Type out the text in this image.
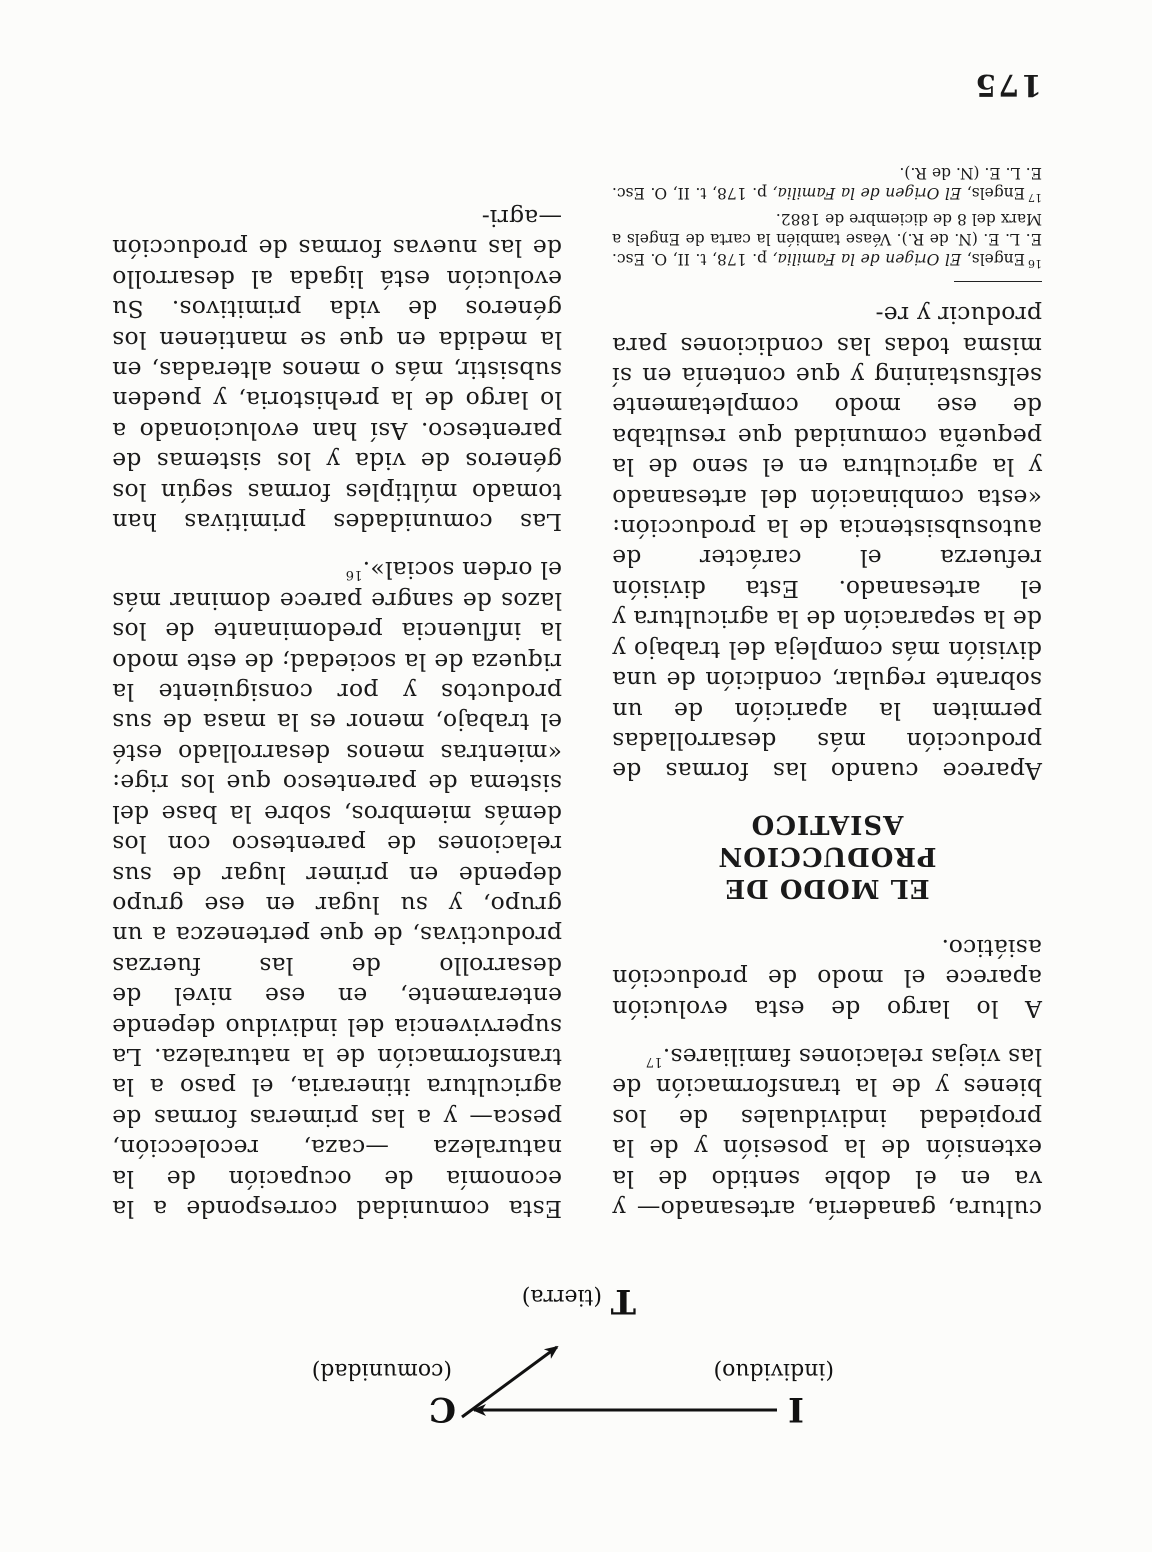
I
(individuo)
C
(comunidad)
T
(tierra)

cultura, ganadería, artesanado— y va en el doble sentido de la extensión de la posesión y de la propiedad individuales de los bienes y de la transformación de las viejas relaciones familiares.$^{17}$

A lo largo de esta evolución aparece el modo de producción asiático.

EL MODO DE PRODUCCION
ASIATICO

Aparece cuando las formas de producción más desarrolladas permiten la aparición de un sobrante regular, condición de una división más compleja del trabajo y de la separación de la agricultura y el artesanado. Esta división refuerza el carácter de autosubsistencia de la producción: «esta combinación del artesanado y la agricultura en el seno de la pequeña comunidad que resultaba de ese modo completamente selfsustaining y que contenía en sí misma todas las condiciones para producir y re-

$^{16}$Engels, El Origen de la Familia, p. 178, t. II, O. Esc. E. L. E. (N. de R.). Véase también la carta de Engels a Marx del 8 de diciembre de 1882.

$^{17}$Engels, El Origen de la Familia, p. 178, t. II, O. Esc. E. L. E. (N. de R.).

Esta comunidad corresponde a la economía de ocupación de la naturaleza —caza, recolección, pesca— y a las primeras formas de agricultura itineraria, el paso a la transformación de la naturaleza. La supervivencia del individuo depende enteramente, en ese nivel de desarrollo de las fuerzas productivas, de que pertenezca a un grupo, y su lugar en ese grupo depende en primer lugar de sus relaciones de parentesco con los demás miembros, sobre la base del sistema de parentesco que los rige: «mientras menos desarrollado esté el trabajo, menor es la masa de sus productos y por consiguiente la riqueza de la sociedad; de este modo la influencia predominante de los lazos de sangre parece dominar más el orden social».$^{16}$

Las comunidades primitivas han tomado múltiples formas según los géneros de vida y los sistemas de parentesco. Así han evolucionado a lo largo de la prehistoria, y pueden subsistir, más o menos alteradas, en la medida en que se mantienen los géneros de vida primitivos. Su evolución está ligada al desarrollo de las nuevas formas de producción —agri-

175
